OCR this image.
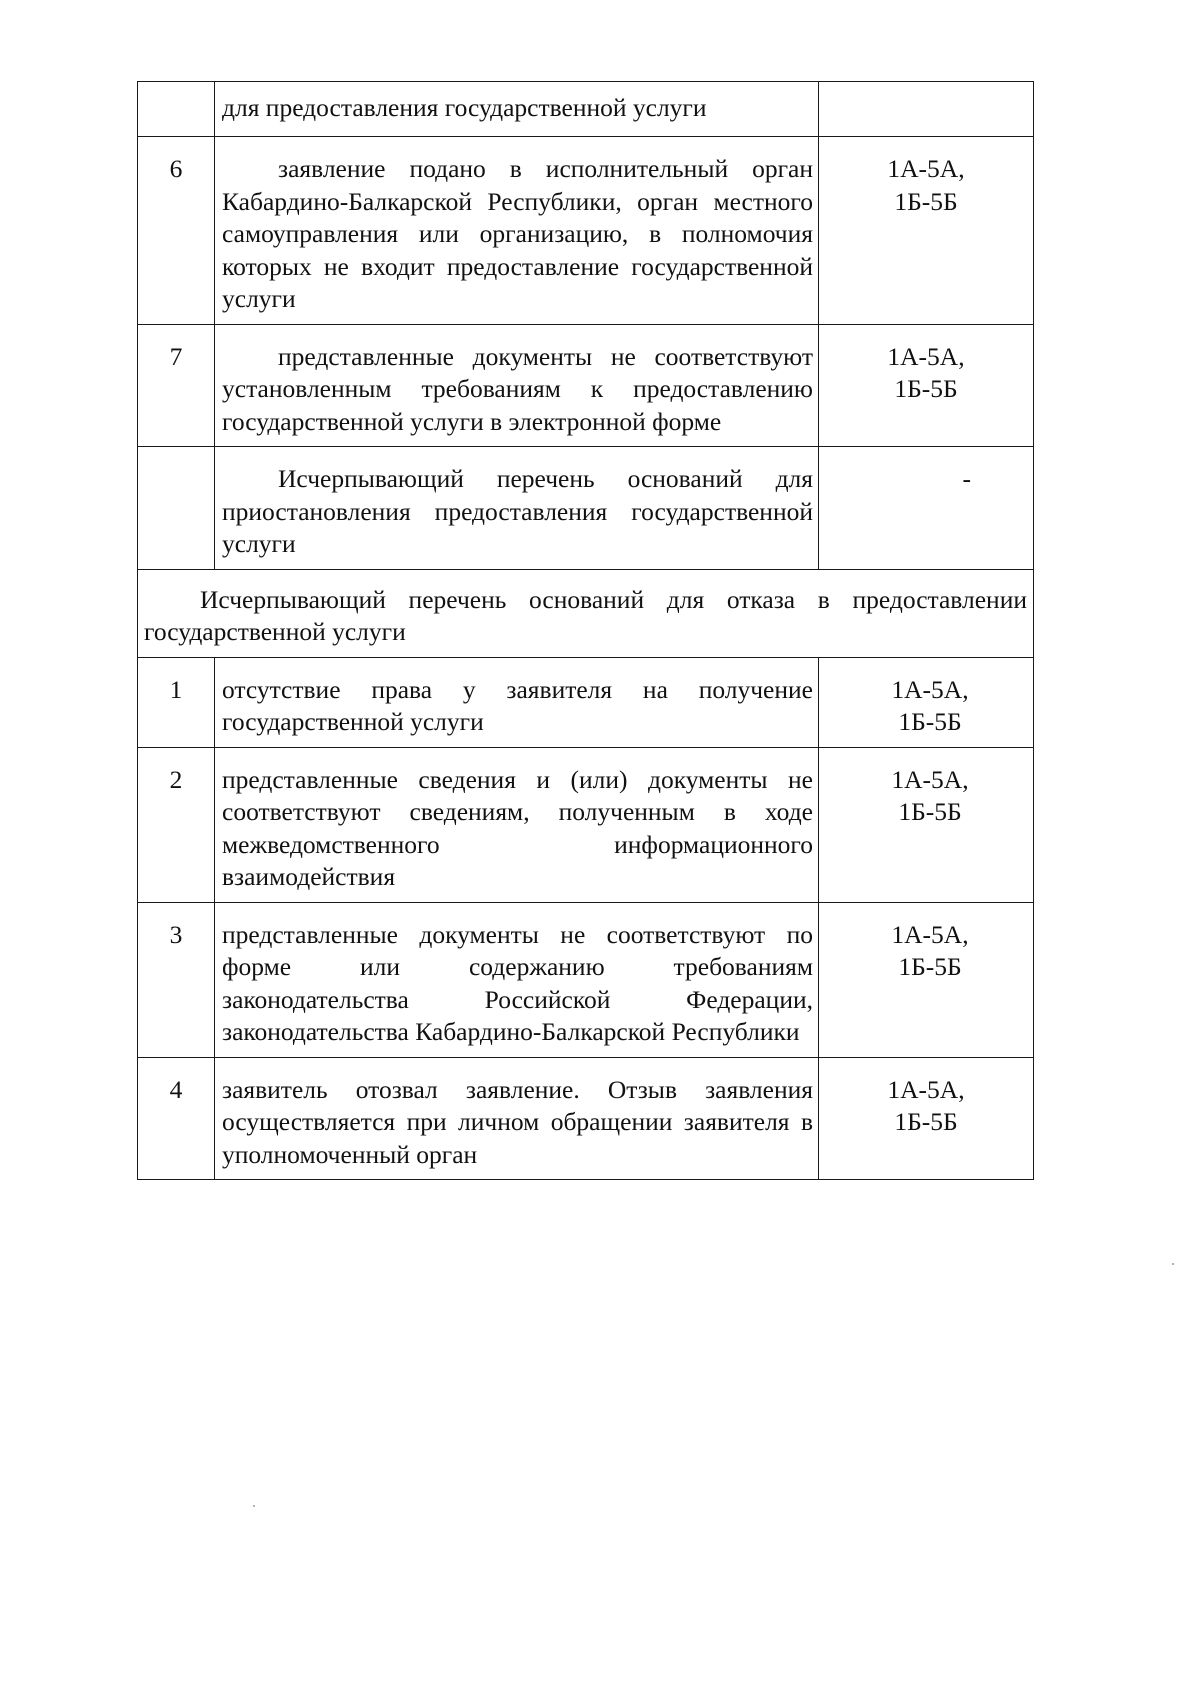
	для предоставления государственной услуги	
6	заявление подано в исполнительный орган Кабардино-Балкарской Республики, орган местного самоуправления или организацию, в полномочия которых не входит предоставление государственной услуги	1А-5А,
1Б-5Б

7	представленные документы не соответствуют установленным требованиям к предоставлению государственной услуги в электронной форме	1А-5А,
1Б-5Б

	Исчерпывающий перечень оснований для приостановления предоставления государственной услуги	-

Исчерпывающий перечень оснований для отказа в предоставлении государственной услуги		
1	отсутствие права у заявителя на получение государственной услуги	1А-5А,
1Б-5Б

2	представленные сведения и (или) документы не соответствуют сведениям, полученным в ходе межведомственного информационного взаимодействия	1А-5А,
1Б-5Б

3	представленные документы не соответствуют по форме или содержанию требованиям законодательства Российской Федерации, законодательства Кабардино-Балкарской Республики	1А-5А,
1Б-5Б

4	заявитель отозвал заявление. Отзыв заявления осуществляется при личном обращении заявителя в уполномоченный орган	1А-5А,
1Б-5Б
